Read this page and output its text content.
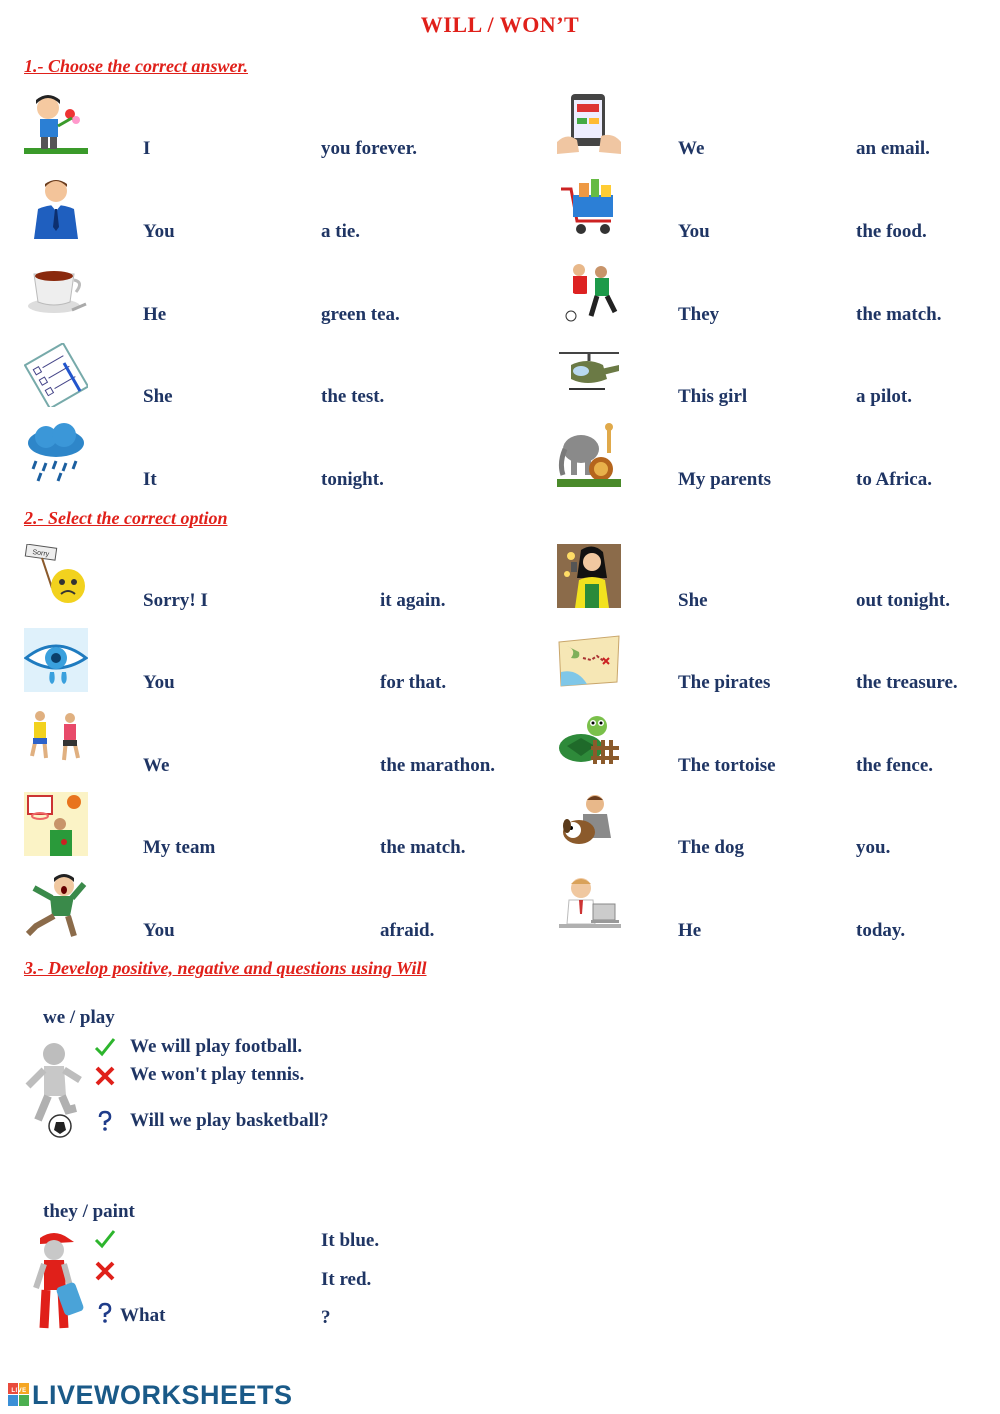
WILL / WON’T
1.- Choose the correct answer.
I	you forever.
You	a tie.
He	green tea.
She	the test.
It	tonight.
We	an email.
You	the food.
They	the match.
This girl	a pilot.
My parents	to Africa.
2.- Select the correct option
Sorry
Sorry! I	it again.
You	for that.
We	the marathon.
My team	the match.
You	afraid.
She	out tonight.
The pirates	the treasure.
The tortoise	the fence.
The dog	you.
He	today.
3.- Develop positive, negative and questions using Will
we / play
We will play football.
We won't play tennis.
Will we play basketball?
they / paint
It blue.
It red.
What	?
LIVE LIVEWORKSHEETS
